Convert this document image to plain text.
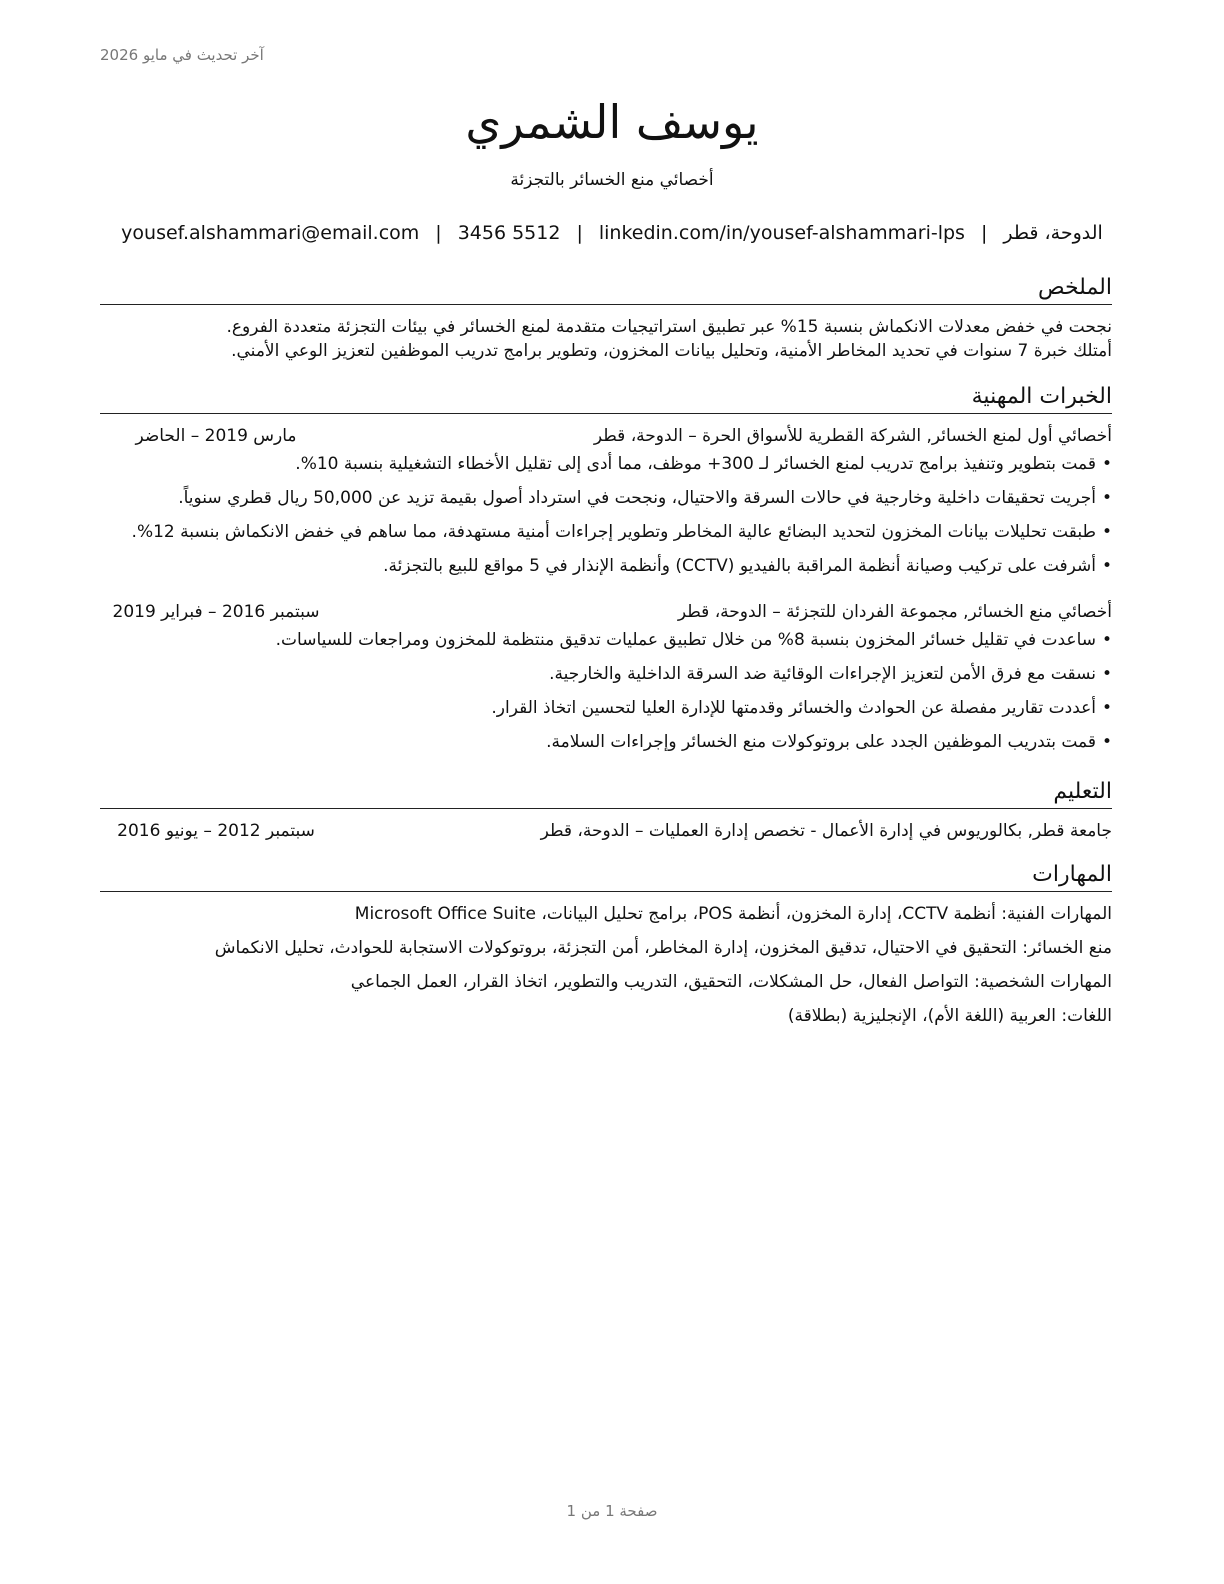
آخر تحديث في مايو 2026
يوسف الشمري
أخصائي منع الخسائر بالتجزئة
الدوحة، قطر|yousef.alshammari@email.com | 3456 5512 | linkedin.com/in/yousef-alshammari-lps
الملخص

نجحت في خفض معدلات الانكماش بنسبة 15% عبر تطبيق استراتيجيات متقدمة لمنع الخسائر في بيئات التجزئة متعددة الفروع.

أمتلك خبرة 7 سنوات في تحديد المخاطر الأمنية، وتحليل بيانات المخزون، وتطوير برامج تدريب الموظفين لتعزيز الوعي الأمني.

الخبرات المهنية
أخصائي أول لمنع الخسائر, الشركة القطرية للأسواق الحرة – الدوحة، قطر
مارس 2019 – الحاضر
• قمت بتطوير وتنفيذ برامج تدريب لمنع الخسائر لـ 300+ موظف، مما أدى إلى تقليل الأخطاء التشغيلية بنسبة 10%.
• أجريت تحقيقات داخلية وخارجية في حالات السرقة والاحتيال، ونجحت في استرداد أصول بقيمة تزيد عن 50,000 ريال قطري سنوياً.
• طبقت تحليلات بيانات المخزون لتحديد البضائع عالية المخاطر وتطوير إجراءات أمنية مستهدفة، مما ساهم في خفض الانكماش بنسبة 12%.
• أشرفت على تركيب وصيانة أنظمة المراقبة بالفيديو (CCTV) وأنظمة الإنذار في 5 مواقع للبيع بالتجزئة.
أخصائي منع الخسائر, مجموعة الفردان للتجزئة – الدوحة، قطر
سبتمبر 2016 – فبراير 2019
• ساعدت في تقليل خسائر المخزون بنسبة 8% من خلال تطبيق عمليات تدقيق منتظمة للمخزون ومراجعات للسياسات.
• نسقت مع فرق الأمن لتعزيز الإجراءات الوقائية ضد السرقة الداخلية والخارجية.
• أعددت تقارير مفصلة عن الحوادث والخسائر وقدمتها للإدارة العليا لتحسين اتخاذ القرار.
• قمت بتدريب الموظفين الجدد على بروتوكولات منع الخسائر وإجراءات السلامة.
التعليم
جامعة قطر, بكالوريوس في إدارة الأعمال - تخصص إدارة العمليات – الدوحة، قطر
سبتمبر 2012 – يونيو 2016
المهارات

المهارات الفنية: أنظمة CCTV، إدارة المخزون، أنظمة POS، برامج تحليل البيانات، Microsoft Office Suite

منع الخسائر: التحقيق في الاحتيال، تدقيق المخزون، إدارة المخاطر، أمن التجزئة، بروتوكولات الاستجابة للحوادث، تحليل الانكماش

المهارات الشخصية: التواصل الفعال، حل المشكلات، التحقيق، التدريب والتطوير، اتخاذ القرار، العمل الجماعي

اللغات: العربية (اللغة الأم)، الإنجليزية (بطلاقة)

صفحة 1 من 1
